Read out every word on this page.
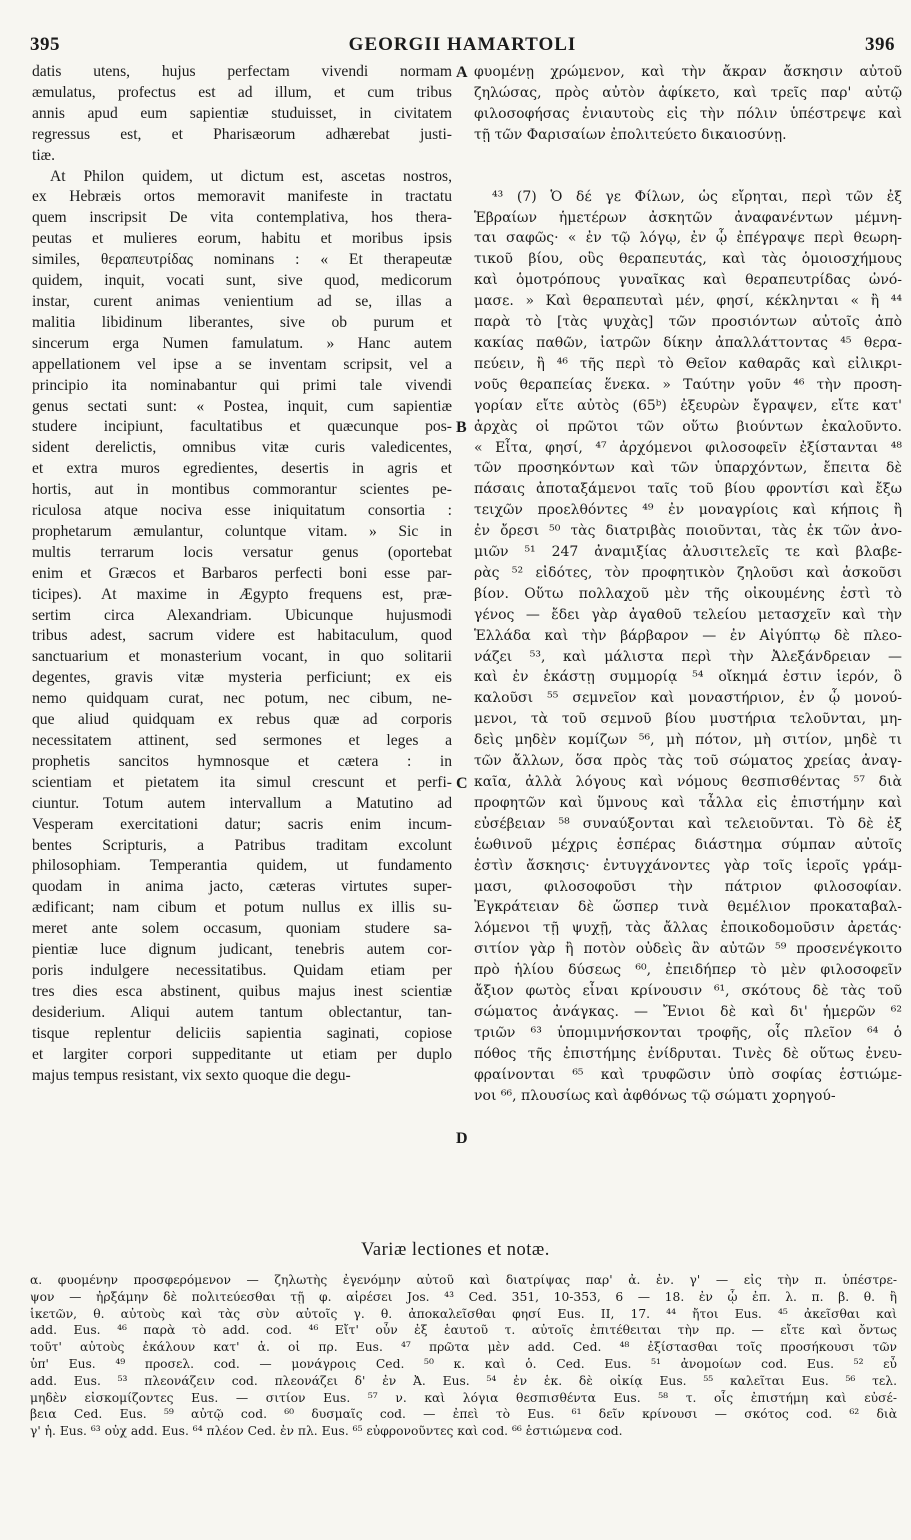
395	GEORGII HAMARTOLI	396
datis utens, hujus perfectam vivendi normam
æmulatus, profectus est ad illum, et cum tribus
annis apud eum sapientiæ studuisset, in civitatem
regressus est, et Pharisæorum adhærebat justi-
tiæ.
At Philon quidem, ut dictum est, ascetas nostros,
ex Hebræis ortos memoravit manifeste in tractatu
quem inscripsit De vita contemplativa, hos thera-
peutas et mulieres eorum, habitu et moribus ipsis
similes, θεραπευτρίδας nominans : « Et therapeutæ
quidem, inquit, vocati sunt, sive quod, medicorum
instar, curent animas venientium ad se, illas a
malitia libidinum liberantes, sive ob purum et
sincerum erga Numen famulatum. » Hanc autem
appellationem vel ipse a se inventam scripsit, vel a
principio ita nominabantur qui primi tale vivendi
genus sectati sunt: « Postea, inquit, cum sapientiæ
studere incipiunt, facultatibus et quæcunque pos-
sident derelictis, omnibus vitæ curis valedicentes,
et extra muros egredientes, desertis in agris et
hortis, aut in montibus commorantur scientes pe-
riculosa atque nociva esse iniquitatum consortia :
prophetarum æmulantur, coluntque vitam. » Sic in
multis terrarum locis versatur genus (oportebat
enim et Græcos et Barbaros perfecti boni esse par-
ticipes). At maxime in Ægypto frequens est, præ-
sertim circa Alexandriam. Ubicunque hujusmodi
tribus adest, sacrum videre est habitaculum, quod
sanctuarium et monasterium vocant, in quo solitarii
degentes, gravis vitæ mysteria perficiunt; ex eis
nemo quidquam curat, nec potum, nec cibum, ne-
que aliud quidquam ex rebus quæ ad corporis
necessitatem attinent, sed sermones et leges a
prophetis sancitos hymnosque et cætera : in
scientiam et pietatem ita simul crescunt et perfi-
ciuntur. Totum autem intervallum a Matutino ad
Vesperam exercitationi datur; sacris enim incum-
bentes Scripturis, a Patribus traditam excolunt
philosophiam. Temperantia quidem, ut fundamento
quodam in anima jacto, cæteras virtutes super-
ædificant; nam cibum et potum nullus ex illis su-
meret ante solem occasum, quoniam studere sa-
pientiæ luce dignum judicant, tenebris autem cor-
poris indulgere necessitatibus. Quidam etiam per
tres dies esca abstinent, quibus majus inest scientiæ
desiderium. Aliqui autem tantum oblectantur, tan-
tisque replentur deliciis sapientia saginati, copiose
et largiter corpori suppeditante ut etiam per duplo
majus tempus resistant, vix sexto quoque die degu-
A
B
C
D
φυομένῃ χρώμενον, καὶ τὴν ἄκραν ἄσκησιν αὐτοῦ
ζηλώσας, πρὸς αὐτὸν ἀφίκετο, καὶ τρεῖς παρ' αὐτῷ
φιλοσοφήσας ἐνιαυτοὺς εἰς τὴν πόλιν ὑπέστρεψε καὶ
τῇ τῶν Φαρισαίων ἐπολιτεύετο δικαιοσύνῃ.
⁴³ (7) Ὁ δέ γε Φίλων, ὡς εἴρηται, περὶ τῶν ἐξ
Ἑβραίων ἡμετέρων ἀσκητῶν ἀναφανέντων μέμνη-
ται σαφῶς· « ἐν τῷ λόγῳ, ἐν ᾧ ἐπέγραψε περὶ θεωρη-
τικοῦ βίου, οὓς θεραπευτάς, καὶ τὰς ὁμοιοσχήμους
καὶ ὁμοτρόπους γυναῖκας καὶ θεραπευτρίδας ὠνό-
μασε. » Καὶ θεραπευταὶ μέν, φησί, κέκληνται « ἢ ⁴⁴
παρὰ τὸ [τὰς ψυχὰς] τῶν προσιόντων αὐτοῖς ἀπὸ
κακίας παθῶν, ἰατρῶν δίκην ἀπαλλάττοντας ⁴⁵ θερα-
πεύειν, ἢ ⁴⁶ τῆς περὶ τὸ Θεῖον καθαρᾶς καὶ εἰλικρι-
νοῦς θεραπείας ἕνεκα. » Ταύτην γοῦν ⁴⁶ τὴν προση-
γορίαν εἴτε αὐτὸς (65ᵇ) ἐξευρὼν ἔγραψεν, εἴτε κατ'
ἀρχὰς οἱ πρῶτοι τῶν οὕτω βιούντων ἐκαλοῦντο.
« Εἶτα, φησί, ⁴⁷ ἀρχόμενοι φιλοσοφεῖν ἐξίστανται ⁴⁸
τῶν προσηκόντων καὶ τῶν ὑπαρχόντων, ἔπειτα δὲ
πάσαις ἀποταξάμενοι ταῖς τοῦ βίου φροντίσι καὶ ἔξω
τειχῶν προελθόντες ⁴⁹ ἐν μοναγρίοις καὶ κήποις ἢ
ἐν ὄρεσι ⁵⁰ τὰς διατριβὰς ποιοῦνται, τὰς ἐκ τῶν ἀνο-
μιῶν ⁵¹ 247 ἀναμιξίας ἀλυσιτελεῖς τε καὶ βλαβε-
ρὰς ⁵² εἰδότες, τὸν προφητικὸν ζηλοῦσι καὶ ἀσκοῦσι
βίον. Οὕτω πολλαχοῦ μὲν τῆς οἰκουμένης ἐστὶ τὸ
γένος — ἔδει γὰρ ἀγαθοῦ τελείου μετασχεῖν καὶ τὴν
Ἑλλάδα καὶ τὴν βάρβαρον — ἐν Αἰγύπτῳ δὲ πλεο-
νάζει ⁵³, καὶ μάλιστα περὶ τὴν Ἀλεξάνδρειαν —
καὶ ἐν ἑκάστῃ συμμορίᾳ ⁵⁴ οἴκημά ἐστιν ἱερόν, ὃ
καλοῦσι ⁵⁵ σεμνεῖον καὶ μοναστήριον, ἐν ᾧ μονού-
μενοι, τὰ τοῦ σεμνοῦ βίου μυστήρια τελοῦνται, μη-
δεὶς μηδὲν κομίζων ⁵⁶, μὴ πότον, μὴ σιτίον, μηδὲ τι
τῶν ἄλλων, ὅσα πρὸς τὰς τοῦ σώματος χρείας ἀναγ-
καῖα, ἀλλὰ λόγους καὶ νόμους θεσπισθέντας ⁵⁷ διὰ
προφητῶν καὶ ὕμνους καὶ τἆλλα εἰς ἐπιστήμην καὶ
εὐσέβειαν ⁵⁸ συναύξονται καὶ τελειοῦνται. Τὸ δὲ ἐξ
ἑωθινοῦ μέχρις ἑσπέρας διάστημα σύμπαν αὐτοῖς
ἐστὶν ἄσκησις· ἐντυγχάνοντες γὰρ τοῖς ἱεροῖς γράμ-
μασι, φιλοσοφοῦσι τὴν πάτριον φιλοσοφίαν.
Ἐγκράτειαν δὲ ὥσπερ τινὰ θεμέλιον προκαταβαλ-
λόμενοι τῇ ψυχῇ, τὰς ἄλλας ἐποικοδομοῦσιν ἀρετάς·
σιτίον γὰρ ἢ ποτὸν οὐδεὶς ἂν αὐτῶν ⁵⁹ προσενέγκοιτο
πρὸ ἡλίου δύσεως ⁶⁰, ἐπειδήπερ τὸ μὲν φιλοσοφεῖν
ἄξιον φωτὸς εἶναι κρίνουσιν ⁶¹, σκότους δὲ τὰς τοῦ
σώματος ἀνάγκας. — Ἔνιοι δὲ καὶ δι' ἡμερῶν ⁶²
τριῶν ⁶³ ὑπομιμνήσκονται τροφῆς, οἷς πλεῖον ⁶⁴ ὁ
πόθος τῆς ἐπιστήμης ἐνίδρυται. Τινὲς δὲ οὕτως ἐνευ-
φραίνονται ⁶⁵ καὶ τρυφῶσιν ὑπὸ σοφίας ἑστιώμε-
νοι ⁶⁶, πλουσίως καὶ ἀφθόνως τῷ σώματι χορηγού-
Variæ lectiones et notæ.
α. φυομένην προσφερόμενον — ζηλωτὴς ἐγενόμην αὐτοῦ καὶ διατρίψας παρ' ἀ. ἐν. γ' — εἰς τὴν π. ὑπέστρε-
ψον — ἠρξάμην δὲ πολιτεύεσθαι τῇ φ. αἱρέσει Jos. ⁴³ Ced. 351, 10-353, 6 — 18. ἐν ᾧ ἐπ. λ. π. β. θ. ἢ
ἱκετῶν, θ. αὐτοὺς καὶ τὰς σὺν αὐτοῖς γ. θ. ἀποκαλεῖσθαι φησί Eus. II, 17. ⁴⁴ ἤτοι Eus. ⁴⁵ ἀκεῖσθαι καὶ
add. Eus. ⁴⁶ παρὰ τὸ add. cod. ⁴⁶ Εἴτ' οὖν ἐξ ἑαυτοῦ τ. αὐτοῖς ἐπιτέθειται τὴν πρ. — εἴτε καὶ ὄντως
τοῦτ' αὐτοὺς ἐκάλουν κατ' ἀ. οἱ πρ. Eus. ⁴⁷ πρῶτα μὲν add. Ced. ⁴⁸ ἐξίστασθαι τοῖς προσήκουσι τῶν
ὑπ' Eus. ⁴⁹ προσελ. cod. — μονάγροις Ced. ⁵⁰ κ. καὶ ὁ. Ced. Eus. ⁵¹ ἀνομοίων cod. Eus. ⁵² εὖ
add. Eus. ⁵³ πλεονάζειν cod. πλεονάζει δ' ἐν Ἀ. Eus. ⁵⁴ ἐν ἑκ. δὲ οἰκίᾳ Eus. ⁵⁵ καλεῖται Eus. ⁵⁶ τελ.
μηδὲν εἰσκομίζοντες Eus. — σιτίον Eus. ⁵⁷ ν. καὶ λόγια θεσπισθέντα Eus. ⁵⁸ τ. οἷς ἐπιστήμη καὶ εὐσέ-
βεια Ced. Eus. ⁵⁹ αὐτῷ cod. ⁶⁰ δυσμαῖς cod. — ἐπεὶ τὸ Eus. ⁶¹ δεῖν κρίνουσι — σκότος cod. ⁶² διὰ
γ' ἡ. Eus. ⁶³ οὐχ add. Eus. ⁶⁴ πλέον Ced. ἐν πλ. Eus. ⁶⁵ εὐφρονοῦντες καὶ cod. ⁶⁶ ἑστιώμενα cod.
